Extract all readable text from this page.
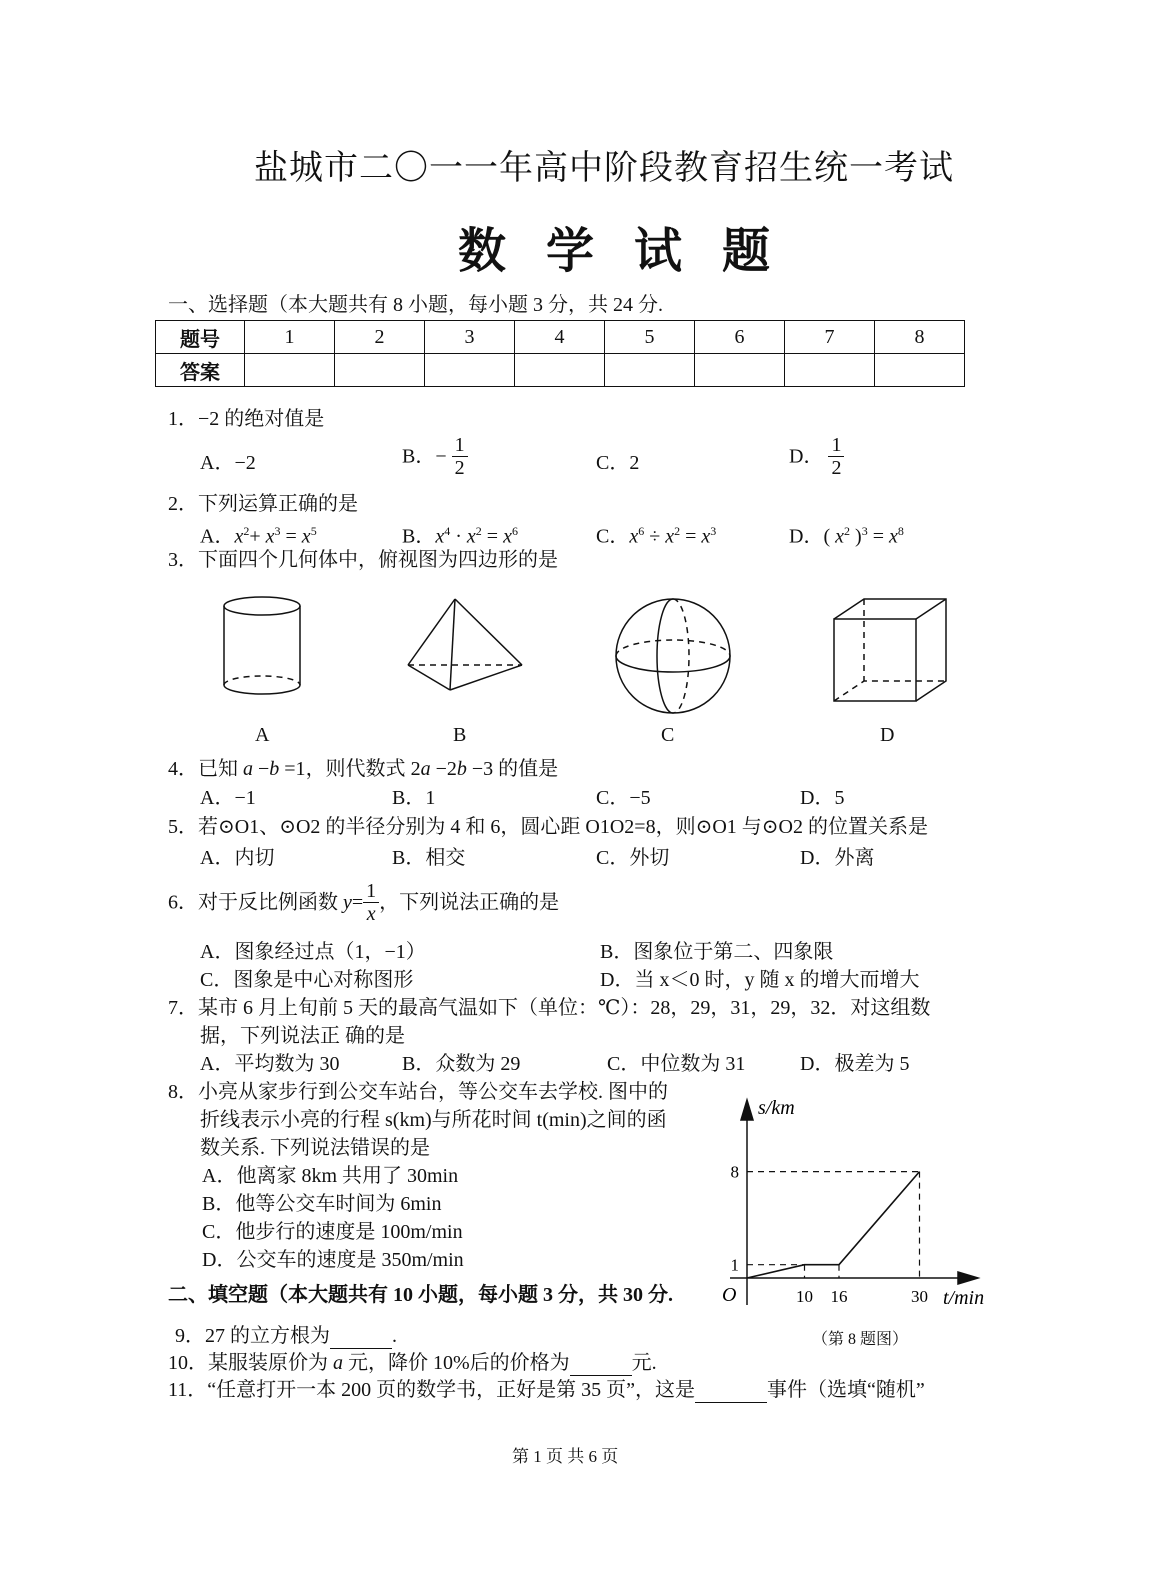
盐城市二〇一一年高中阶段教育招生统一考试
数 学 试 题
一、选择题（本大题共有 8 小题，每小题 3 分，共 24 分.
题号	1	2	3	4	5	6	7	8
答案								
1．−2 的绝对值是
A．−2	B．− $\frac{1}{2}$	C．2	D． $\frac{1}{2}$
2．下列运算正确的是
A．$x^2+ x^3 = x^5$	B．$x^4 \cdot x^2 = x^6$	C．$x^6 \div x^2 = x^3$	D．( $x^2$ )$^3 = x^8$
3．下面四个几何体中，俯视图为四边形的是
A	B	C	D
4．已知 a −b =1，则代数式 2a −2b −3 的值是
A．−1	B．1	C．−5	D．5
5．若⊙O1、⊙O2 的半径分别为 4 和 6，圆心距 O1O2=8，则⊙O1 与⊙O2 的位置关系是
A．内切	B．相交	C．外切	D．外离
6．对于反比例函数 $y= \frac{1}{x}$ ，下列说法正确的是
A．图象经过点（1，−1）	B．图象位于第二、四象限
C．图象是中心对称图形	D．当 x＜0 时，y 随 x 的增大而增大
7．某市 6 月上旬前 5 天的最高气温如下（单位：℃）：28，29，31，29，32．对这组数
据，下列说法正 确的是
A．平均数为 30	B．众数为 29	C．中位数为 31	D．极差为 5
8．小亮从家步行到公交车站台，等公交车去学校. 图中的
折线表示小亮的行程 s(km)与所花时间 t(min)之间的函
数关系. 下列说法错误的是
A．他离家 8km 共用了 30min
B．他等公交车时间为 6min
C．他步行的速度是 100m/min
D．公交车的速度是 350m/min
10 16	30
1
8
s/km
t/min
O
（第 8 题图）
二、填空题（本大题共有 10 小题，每小题 3 分，共 30 分.
9．27 的立方根为	.
10．某服装原价为 a 元，降价 10%后的价格为	元.
11．“任意打开一本 200 页的数学书，正好是第 35 页”，这是	事件（选填“随机”
第 1 页 共 6 页
